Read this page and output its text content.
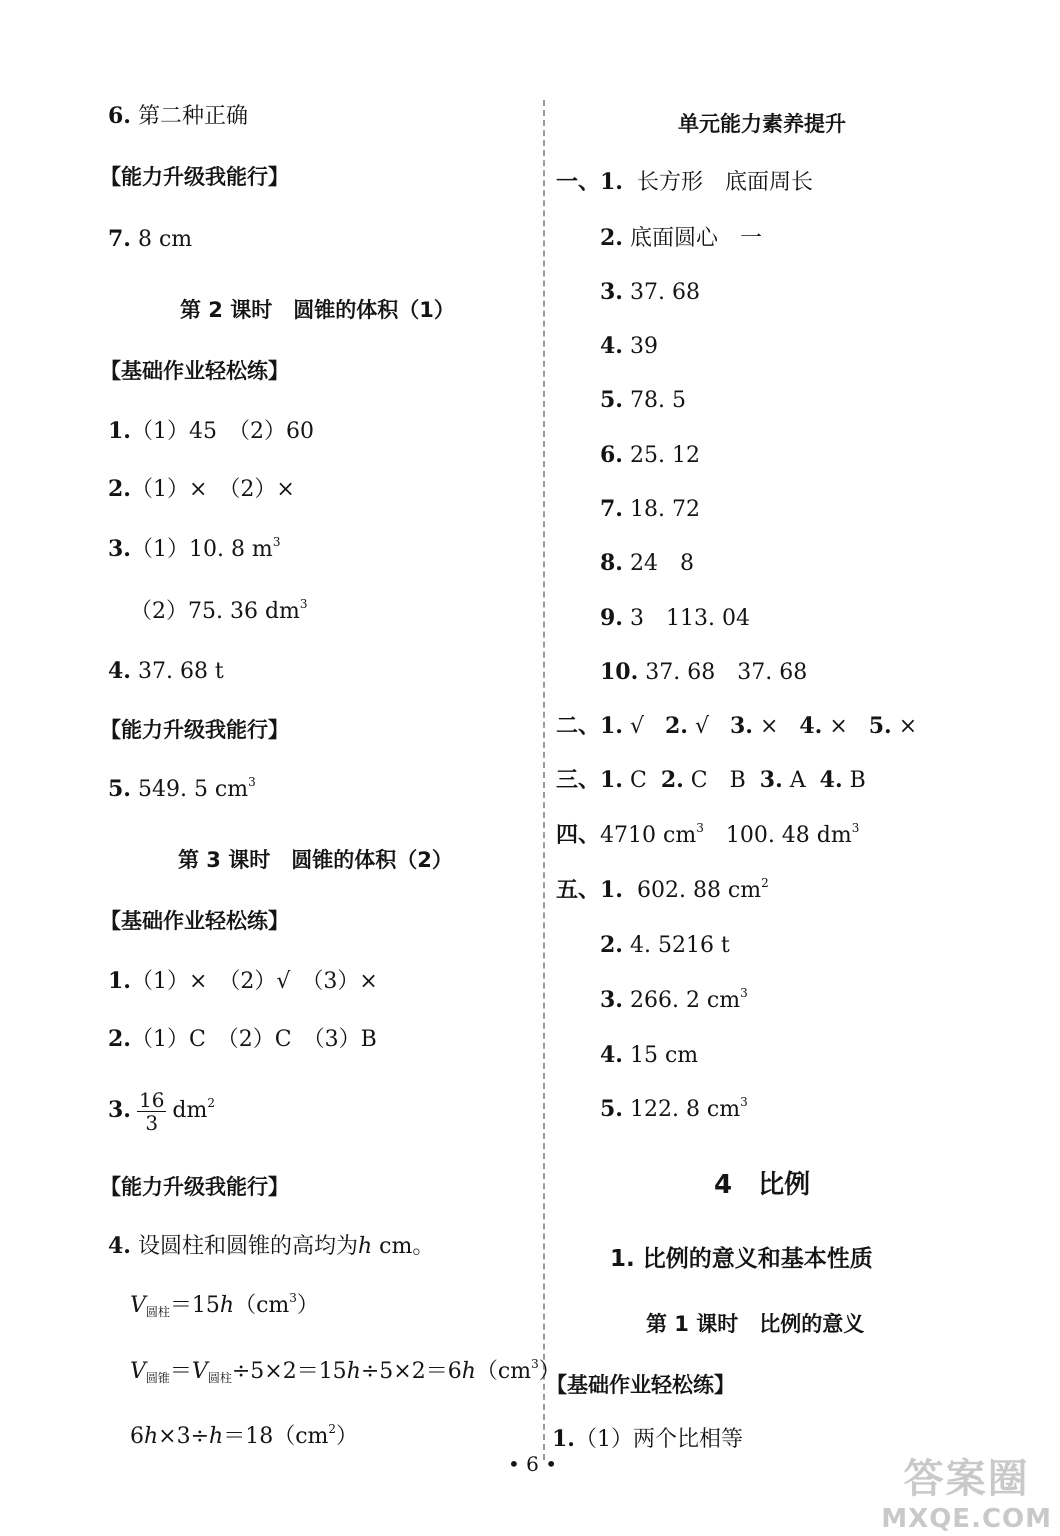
6. 第二种正确
【能力升级我能行】
7. 8 cm
第 2 课时　圆锥的体积（1）
【基础作业轻松练】
1.（1）45　（2）60
2.（1）×　（2）×
3.（1）10. 8 $m^3$
（2）75. 36 $dm^3$
4. 37. 68 t
【能力升级我能行】
5. 549. 5 $cm^3$
第 3 课时　圆锥的体积（2）
【基础作业轻松练】
1.（1）×　（2）√　（3）×
2.（1）C　（2）C　（3）B
3. $\frac{16}{3} dm^2$
【能力升级我能行】
4. 设圆柱和圆锥的高均为h cm。
$V_{圆柱}=15h(cm^3)$
$V_{圆锥}=V_{圆柱}\div 5\times 2=15h\div 5\times 2=6h(cm^3)$
$6h\times 3\div h=18(cm^2)$
单元能力素养提升
一、1. 长方形　底面周长
2. 底面圆心　一
3. 37. 68
4. 39
5. 78. 5
6. 25. 12
7. 18. 72
8. 24　8
9. 3　113. 04
10. 37. 68　37. 68
二、1. √ 2. √ 3. × 4. × 5. ×
三、1. C 2. C　B 3. A 4. B
四、4710 $cm^3$　100. 48 $dm^3$
五、1. 602. 88 $cm^2$
2. 4. 5216 t
3. 266. 2 $cm^3$
4. 15 cm
5. 122. 8 $cm^3$
4　比例
1. 比例的意义和基本性质
第 1 课时　比例的意义
【基础作业轻松练】
1.（1）两个比相等
• 6 •	答案圈
MXQE.COM
